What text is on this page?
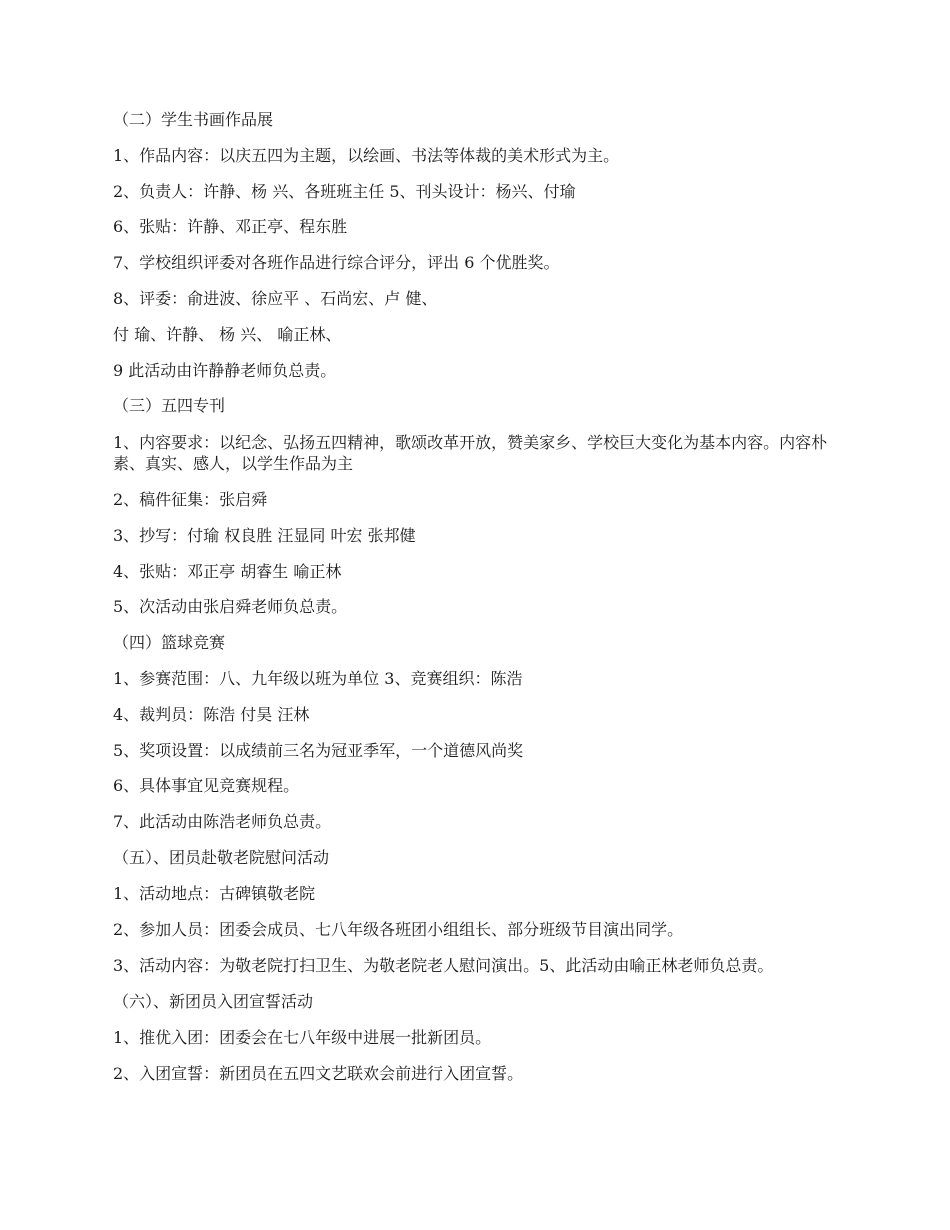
（二）学生书画作品展

1、作品内容：以庆五四为主题，以绘画、书法等体裁的美术形式为主。

2、负责人：许静、杨 兴、各班班主任 5、刊头设计：杨兴、付瑜

6、张贴：许静、邓正亭、程东胜

7、学校组织评委对各班作品进行综合评分，评出 6 个优胜奖。

8、评委：俞进波、徐应平 、石尚宏、卢 健、

付 瑜、许静、 杨 兴、 喻正林、

9 此活动由许静静老师负总责。

（三）五四专刊

1、内容要求：以纪念、弘扬五四精神，歌颂改革开放，赞美家乡、学校巨大变化为基本内容。内容朴素、真实、感人，以学生作品为主

2、稿件征集：张启舜

3、抄写：付瑜 权良胜 汪显同 叶宏 张邦健

4、张贴：邓正亭 胡睿生 喻正林

5、次活动由张启舜老师负总责。

（四）篮球竞赛

1、参赛范围：八、九年级以班为单位 3、竞赛组织：陈浩

4、裁判员：陈浩 付昊 汪林

5、奖项设置：以成绩前三名为冠亚季军，一个道德风尚奖

6、具体事宜见竞赛规程。

7、此活动由陈浩老师负总责。

（五）、团员赴敬老院慰问活动

1、活动地点：古碑镇敬老院

2、参加人员：团委会成员、七八年级各班团小组组长、部分班级节目演出同学。

3、活动内容：为敬老院打扫卫生、为敬老院老人慰问演出。5、此活动由喻正林老师负总责。

（六）、新团员入团宣誓活动

1、推优入团：团委会在七八年级中进展一批新团员。

2、入团宣誓：新团员在五四文艺联欢会前进行入团宣誓。
